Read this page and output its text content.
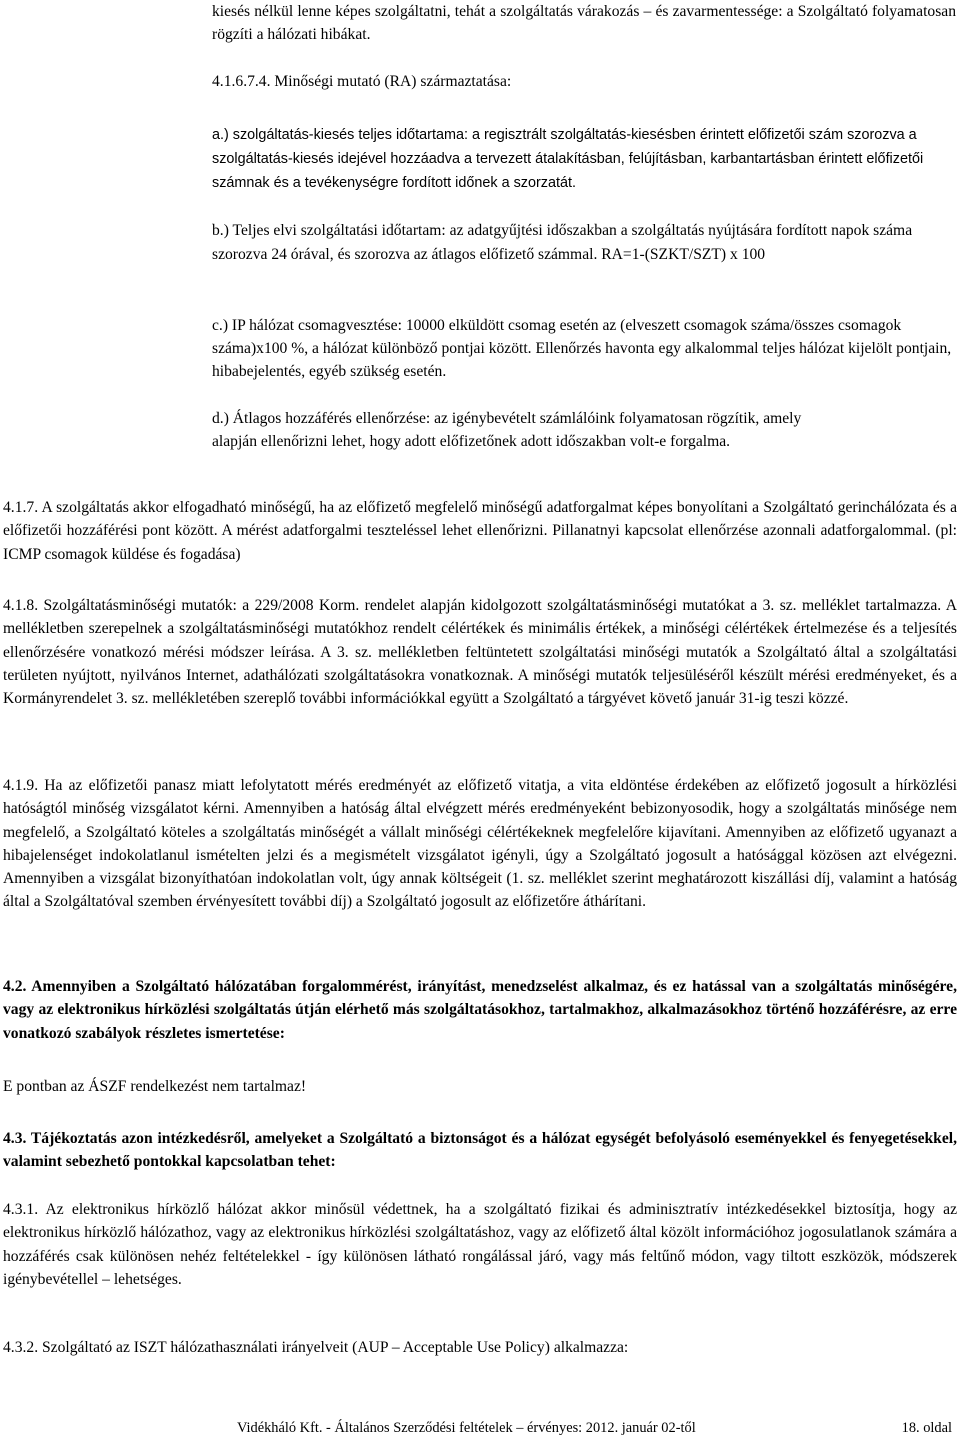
kiesés nélkül lenne képes szolgáltatni, tehát a szolgáltatás várakozás – és zavarmentessége: a Szolgáltató folyamatosan rögzíti a hálózati hibákat.

4.1.6.7.4. Minőségi mutató (RA) származtatása:

a.) szolgáltatás-kiesés teljes időtartama: a regisztrált szolgáltatás-kiesésben érintett előfizetői szám szorozva a szolgáltatás-kiesés idejével hozzáadva a tervezett átalakításban, felújításban, karbantartásban érintett előfizetői számnak és a tevékenységre fordított időnek a szorzatát.

b.) Teljes elvi szolgáltatási időtartam: az adatgyűjtési időszakban a szolgáltatás nyújtására fordított napok száma szorozva 24 órával, és szorozva az átlagos előfizető számmal. RA=1-(SZKT/SZT) x 100

c.) IP hálózat csomagvesztése: 10000 elküldött csomag esetén az (elveszett csomagok száma/összes csomagok száma)x100 %, a hálózat különböző pontjai között. Ellenőrzés havonta egy alkalommal teljes hálózat kijelölt pontjain, hibabejelentés, egyéb szükség esetén.

d.) Átlagos hozzáférés ellenőrzése: az igénybevételt számlálóink folyamatosan rögzítik, amely alapján ellenőrizni lehet, hogy adott előfizetőnek adott időszakban volt-e forgalma.

4.1.7. A szolgáltatás akkor elfogadható minőségű, ha az előfizető megfelelő minőségű adatforgalmat képes bonyolítani a Szolgáltató gerinchálózata és a előfizetői hozzáférési pont között. A mérést adatforgalmi teszteléssel lehet ellenőrizni. Pillanatnyi kapcsolat ellenőrzése azonnali adatforgalommal. (pl: ICMP csomagok küldése és fogadása)

4.1.8. Szolgáltatásminőségi mutatók: a 229/2008 Korm. rendelet alapján kidolgozott szolgáltatásminőségi mutatókat a 3. sz. melléklet tartalmazza. A mellékletben szerepelnek a szolgáltatásminőségi mutatókhoz rendelt célértékek és minimális értékek, a minőségi célértékek értelmezése és a teljesítés ellenőrzésére vonatkozó mérési módszer leírása. A 3. sz. mellékletben feltüntetett szolgáltatási minőségi mutatók a Szolgáltató által a szolgáltatási területen nyújtott, nyilvános Internet, adathálózati szolgáltatásokra vonatkoznak. A minőségi mutatók teljesüléséről készült mérési eredményeket, és a Kormányrendelet 3. sz. mellékletében szereplő további információkkal együtt a Szolgáltató a tárgyévet követő január 31-ig teszi közzé.

4.1.9. Ha az előfizetői panasz miatt lefolytatott mérés eredményét az előfizető vitatja, a vita eldöntése érdekében az előfizető jogosult a hírközlési hatóságtól minőség vizsgálatot kérni. Amennyiben a hatóság által elvégzett mérés eredményeként bebizonyosodik, hogy a szolgáltatás minősége nem megfelelő, a Szolgáltató köteles a szolgáltatás minőségét a vállalt minőségi célértékeknek megfelelőre kijavítani. Amennyiben az előfizető ugyanazt a hibajelenséget indokolatlanul ismételten jelzi és a megismételt vizsgálatot igényli, úgy a Szolgáltató jogosult a hatósággal közösen azt elvégezni. Amennyiben a vizsgálat bizonyíthatóan indokolatlan volt, úgy annak költségeit (1. sz. melléklet szerint meghatározott kiszállási díj, valamint a hatóság által a Szolgáltatóval szemben érvényesített további díj) a Szolgáltató jogosult az előfizetőre áthárítani.

4.2. Amennyiben a Szolgáltató hálózatában forgalommérést, irányítást, menedzselést alkalmaz, és ez hatással van a szolgáltatás minőségére, vagy az elektronikus hírközlési szolgáltatás útján elérhető más szolgáltatásokhoz, tartalmakhoz, alkalmazásokhoz történő hozzáférésre, az erre vonatkozó szabályok részletes ismertetése:

E pontban az ÁSZF rendelkezést nem tartalmaz!

4.3. Tájékoztatás azon intézkedésről, amelyeket a Szolgáltató a biztonságot és a hálózat egységét befolyásoló eseményekkel és fenyegetésekkel, valamint sebezhető pontokkal kapcsolatban tehet:

4.3.1. Az elektronikus hírközlő hálózat akkor minősül védettnek, ha a szolgáltató fizikai és adminisztratív intézkedésekkel biztosítja, hogy az elektronikus hírközlő hálózathoz, vagy az elektronikus hírközlési szolgáltatáshoz, vagy az előfizető által közölt információhoz jogosulatlanok számára a hozzáférés csak különösen nehéz feltételekkel - így különösen látható rongálással járó, vagy más feltűnő módon, vagy tiltott eszközök, módszerek igénybevétellel – lehetséges.

4.3.2. Szolgáltató az ISZT hálózathasználati irányelveit (AUP – Acceptable Use Policy) alkalmazza:

Vidékháló Kft. - Általános Szerződési feltételek – érvényes: 2012. január 02-től	18. oldal
